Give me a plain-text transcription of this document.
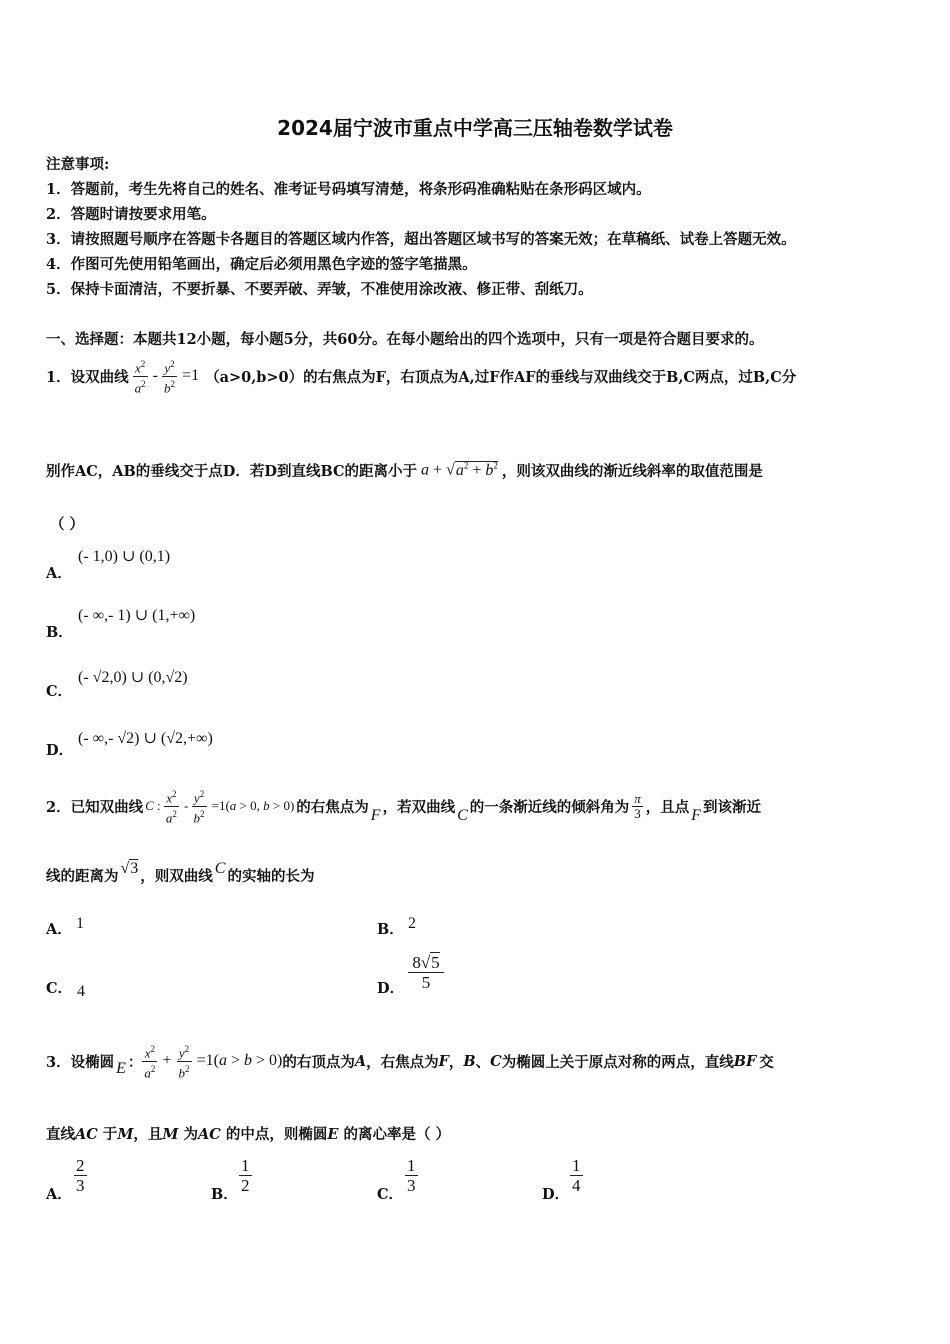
2024届宁波市重点中学高三压轴卷数学试卷
注意事项:
1．答题前，考生先将自己的姓名、准考证号码填写清楚，将条形码准确粘贴在条形码区域内。
2．答题时请按要求用笔。
3．请按照题号顺序在答题卡各题目的答题区域内作答，超出答题区域书写的答案无效；在草稿纸、试卷上答题无效。
4．作图可先使用铅笔画出，确定后必须用黑色字迹的签字笔描黑。
5．保持卡面清洁，不要折暴、不要弄破、弄皱，不准使用涂改液、修正带、刮纸刀。
一、选择题：本题共12小题，每小题5分，共60分。在每小题给出的四个选项中，只有一项是符合题目要求的。
1．设双曲线 $\frac{x^2}{a^2} - \frac{y^2}{b^2} =1$ （a>0,b>0） 的右焦点为F，右顶点为A,过F作AF的垂线与双曲线交于B,C两点，过B,C分
别作AC，AB的垂线交于点D．若D到直线BC的距离小于 $a + √a^2 + b^2$ ，则该双曲线的渐近线斜率的取值范围是
（ ）
A．
(- 1,0) ∪ (0,1)
B．
(- ∞,- 1) ∪ (1,+∞)
C．
(- √2,0) ∪ (0,√2)
D．
(- ∞,- √2) ∪ (√2,+∞)
2．已知双曲线 C : $\frac{x^2}{a^2} - \frac{y^2}{b^2} =1(a > 0$, b > 0) 的右焦点为 F ，若双曲线 C 的一条渐近线的倾斜角为 $\frac{\pi}{3}$ ，且点 F 到该渐近
线的距离为 √3 ，则双曲线 C 的实轴的长为
A． 1	B． 2
C． 4	D． $\frac{8√5}{5}$
3．设椭圆 E ： $\frac{x^2}{a^2} + \frac{y^2}{b^2} =1(a > b > 0)$ 的右顶点为 A ，右焦点为 F ， B 、 C 为椭圆上关于原点对称的两点，直线 BF 交
直线AC 于M，且M 为AC 的中点，则椭圆E 的离心率是（ ）
A． $\frac{2}{3}$	B． $\frac{1}{2}$	C． $\frac{1}{3}$	D． $\frac{1}{4}$
